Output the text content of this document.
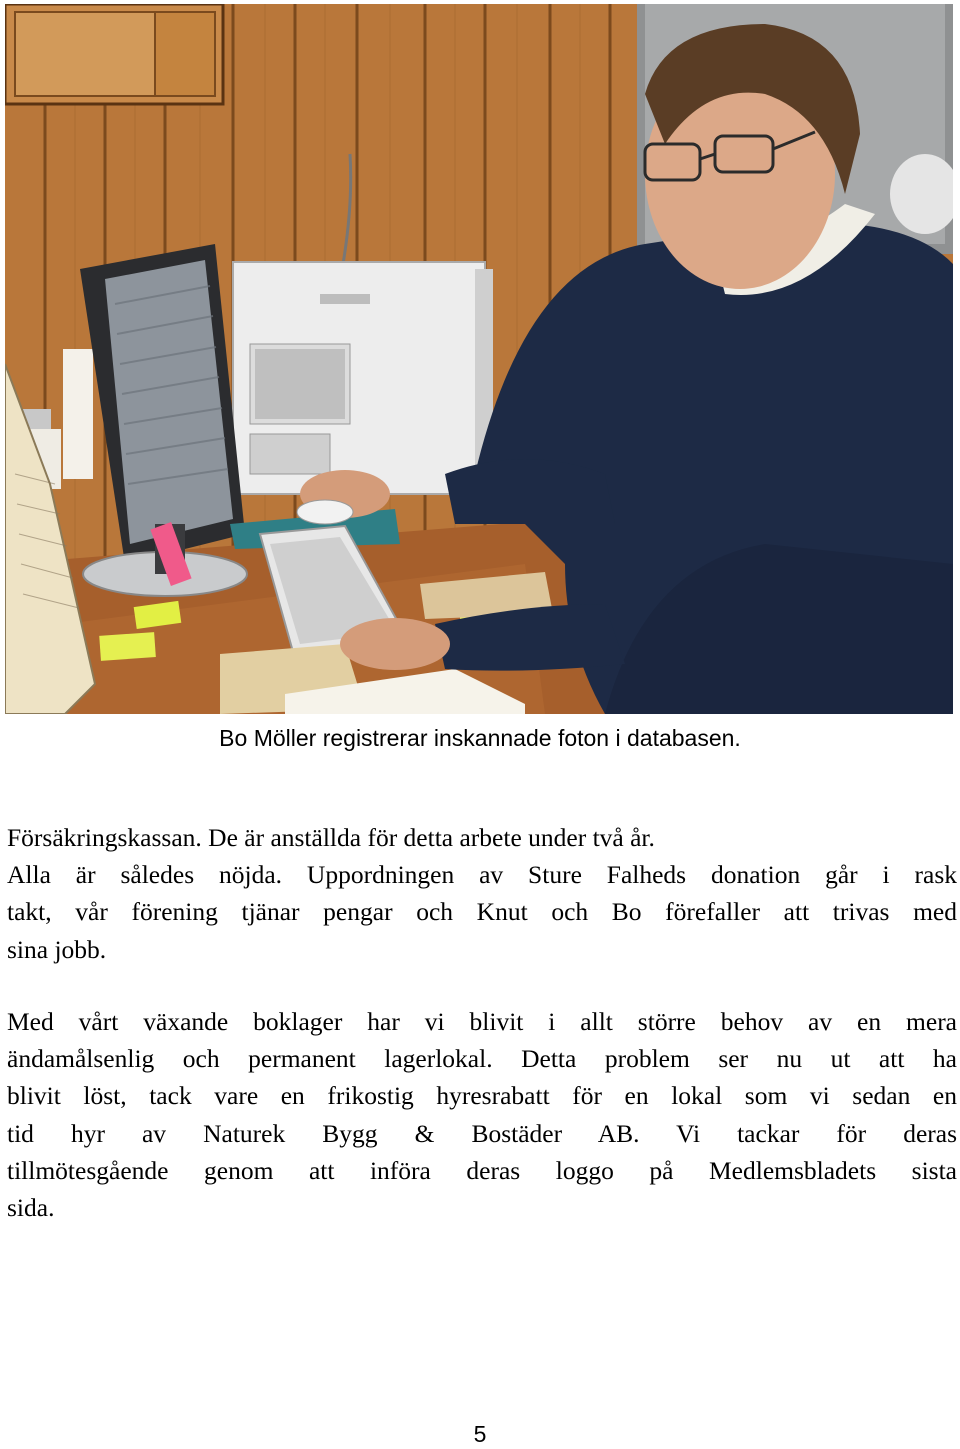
Bo Möller registrerar inskannade foton i databasen.

Försäkringskassan. De är anställda för detta arbete under två år.
Alla är således nöjda. Uppordningen av Sture Falheds donation går i rask
takt, vår förening tjänar pengar och Knut och Bo förefaller att trivas med
sina jobb.

Med vårt växande boklager har vi blivit i allt större behov av en mera
ändamålsenlig och permanent lagerlokal. Detta problem ser nu ut att ha
blivit löst, tack vare en frikostig hyresrabatt för en lokal som vi sedan en
tid hyr av Naturek Bygg & Bostäder AB. Vi tackar för deras
tillmötesgående genom att införa deras loggo på Medlemsbladets sista
sida.

5
